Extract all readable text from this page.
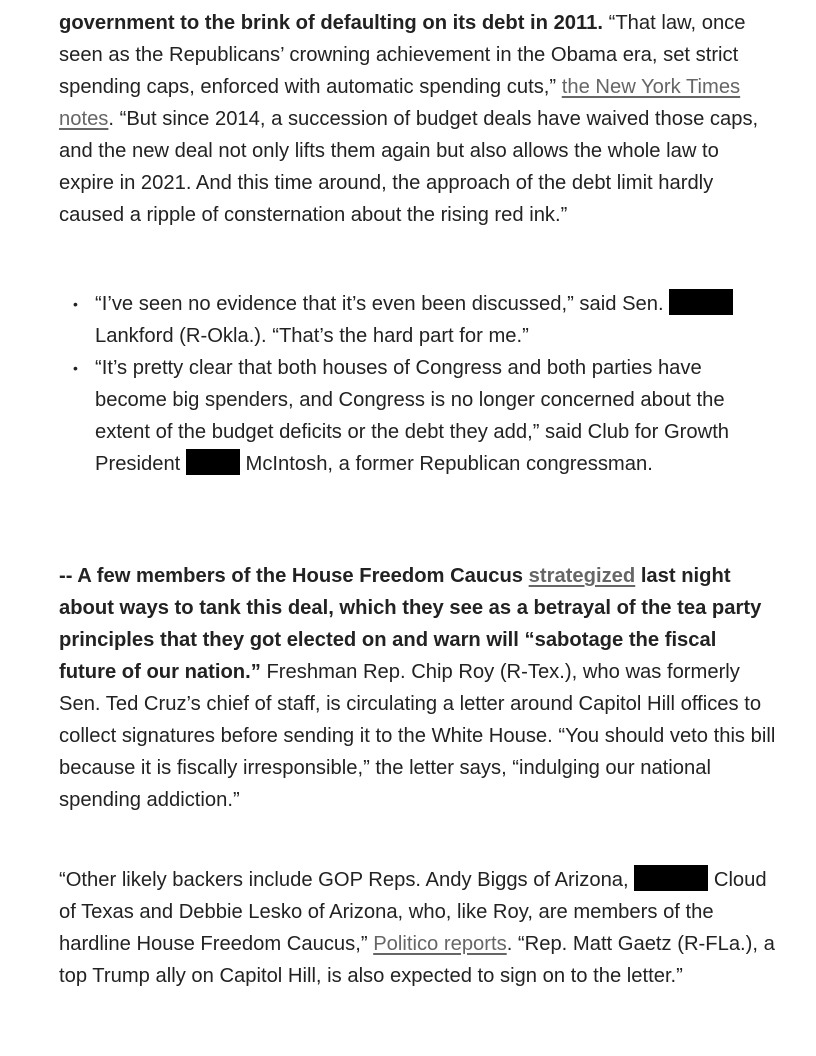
government to the brink of defaulting on its debt in 2011. “That law, once seen as the Republicans’ crowning achievement in the Obama era, set strict spending caps, enforced with automatic spending cuts,” the New York Times notes. “But since 2014, a succession of budget deals have waived those caps, and the new deal not only lifts them again but also allows the whole law to expire in 2021. And this time around, the approach of the debt limit hardly caused a ripple of consternation about the rising red ink.”

• “I’ve seen no evidence that it’s even been discussed,” said Sen.  Lankford (R-Okla.). “That’s the hard part for me.”
• “It’s pretty clear that both houses of Congress and both parties have become big spenders, and Congress is no longer concerned about the extent of the budget deficits or the debt they add,” said Club for Growth President	McIntosh, a former Republican congressman.

-- A few members of the House Freedom Caucus strategized last night about ways to tank this deal, which they see as a betrayal of the tea party principles that they got elected on and warn will “sabotage the fiscal future of our nation.” Freshman Rep. Chip Roy (R-Tex.), who was formerly Sen. Ted Cruz’s chief of staff, is circulating a letter around Capitol Hill offices to collect signatures before sending it to the White House. “You should veto this bill because it is fiscally irresponsible,” the letter says, “indulging our national spending addiction.”

“Other likely backers include GOP Reps. Andy Biggs of Arizona,	Cloud of Texas and Debbie Lesko of Arizona, who, like Roy, are members of the hardline House Freedom Caucus,” Politico reports. “Rep. Matt Gaetz (R-FLa.), a top Trump ally on Capitol Hill, is also expected to sign on to the letter.”
